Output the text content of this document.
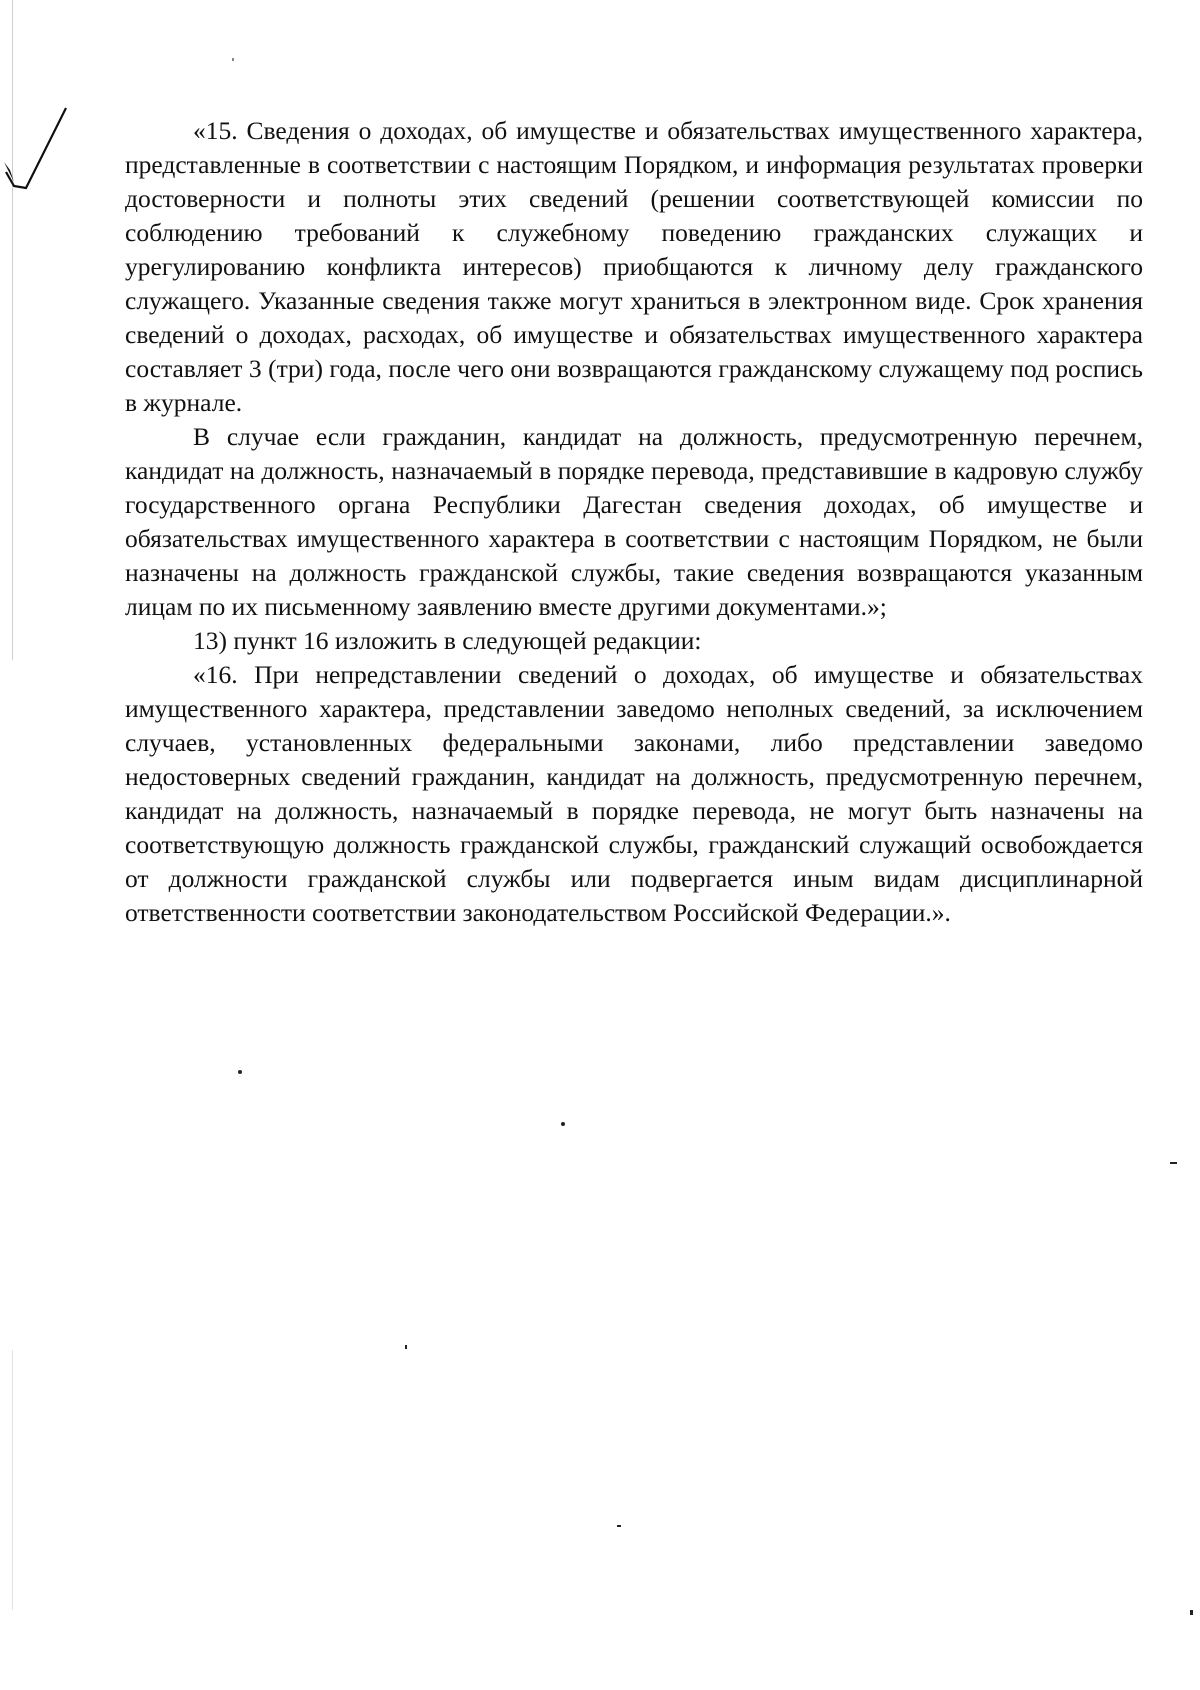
«15. Сведения о доходах, об имуществе и обязательствах имущественного характера, представленные в соответствии с настоящим Порядком, и информация результатах проверки достоверности и полноты этих сведений (решении соответствующей комиссии по соблюдению требований к служебному поведению гражданских служащих и урегулированию конфликта интересов) приобщаются к личному делу гражданского служащего. Указанные сведения также могут храниться в электронном виде. Срок хранения сведений о доходах, расходах, об имуществе и обязательствах имущественного характера составляет 3 (три) года, после чего они возвращаются гражданскому служащему под роспись в журнале.

В случае если гражданин, кандидат на должность, предусмотренную перечнем, кандидат на должность, назначаемый в порядке перевода, представившие в кадровую службу государственного органа Республики Дагестан сведения доходах, об имуществе и обязательствах имущественного характера в соответствии с настоящим Порядком, не были назначены на должность гражданской службы, такие сведения возвращаются указанным лицам по их письменному заявлению вместе другими документами.»;

13) пункт 16 изложить в следующей редакции:

«16. При непредставлении сведений о доходах, об имуществе и обязательствах имущественного характера, представлении заведомо неполных сведений, за исключением случаев, установленных федеральными законами, либо представлении заведомо недостоверных сведений гражданин, кандидат на должность, предусмотренную перечнем, кандидат на должность, назначаемый в порядке перевода, не могут быть назначены на соответствующую должность гражданской службы, гражданский служащий освобождается от должности гражданской службы или подвергается иным видам дисциплинарной ответственности соответствии законодательством Российской Федерации.».
